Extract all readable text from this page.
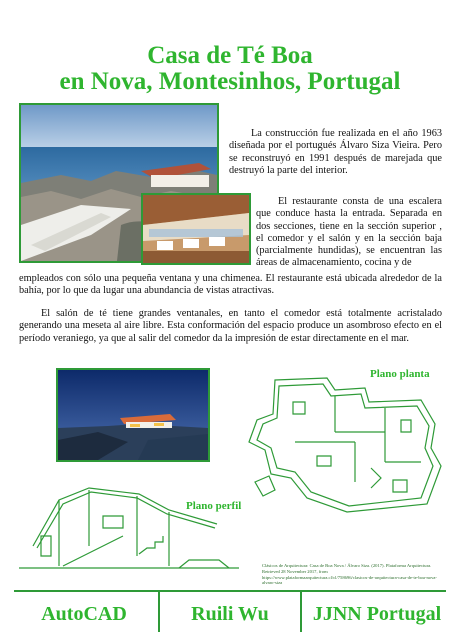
Casa de Té Boa
en Nova, Montesinhos, Portugal

La construcción fue realizada en el año 1963 diseñada por el portugués Álvaro Siza Vieira. Pero se reconstruyó en 1991 después de marejada que destruyó la parte del interior.

El restaurante consta de una escalera que conduce hasta la entrada. Separada en dos secciones, tiene en la sección superior , el comedor y el salón y en la sección baja (parcialmente hundidas), se encuentran las áreas de almacenamiento, cocina y de

empleados con sólo una pequeña ventana y una chimenea. El restaurante está ubicada alrededor de la bahía, por lo que da lugar una abundancia de vistas atractivas.

El salón de té tiene grandes ventanales, en tanto el comedor está totalmente acristalado generando una meseta al aire libre. Esta conformación del espacio produce un asombroso efecto en el período veraniego, ya que al salir del comedor da la impresión de estar directamente en el mar.

Plano planta
Plano perfil
Clásicos de Arquitectura: Casa de Boa Nova / Álvaro Siza. (2017). Plataforma Arquitectura.
Retrieved 28 November 2017, from
https://www.plataformaarquitectura.cl/cl/758696/clasicos-de-arquitectura-casa-de-te-boa-nova-alvaro-siza
AutoCAD	Ruili Wu	JJNN Portugal
